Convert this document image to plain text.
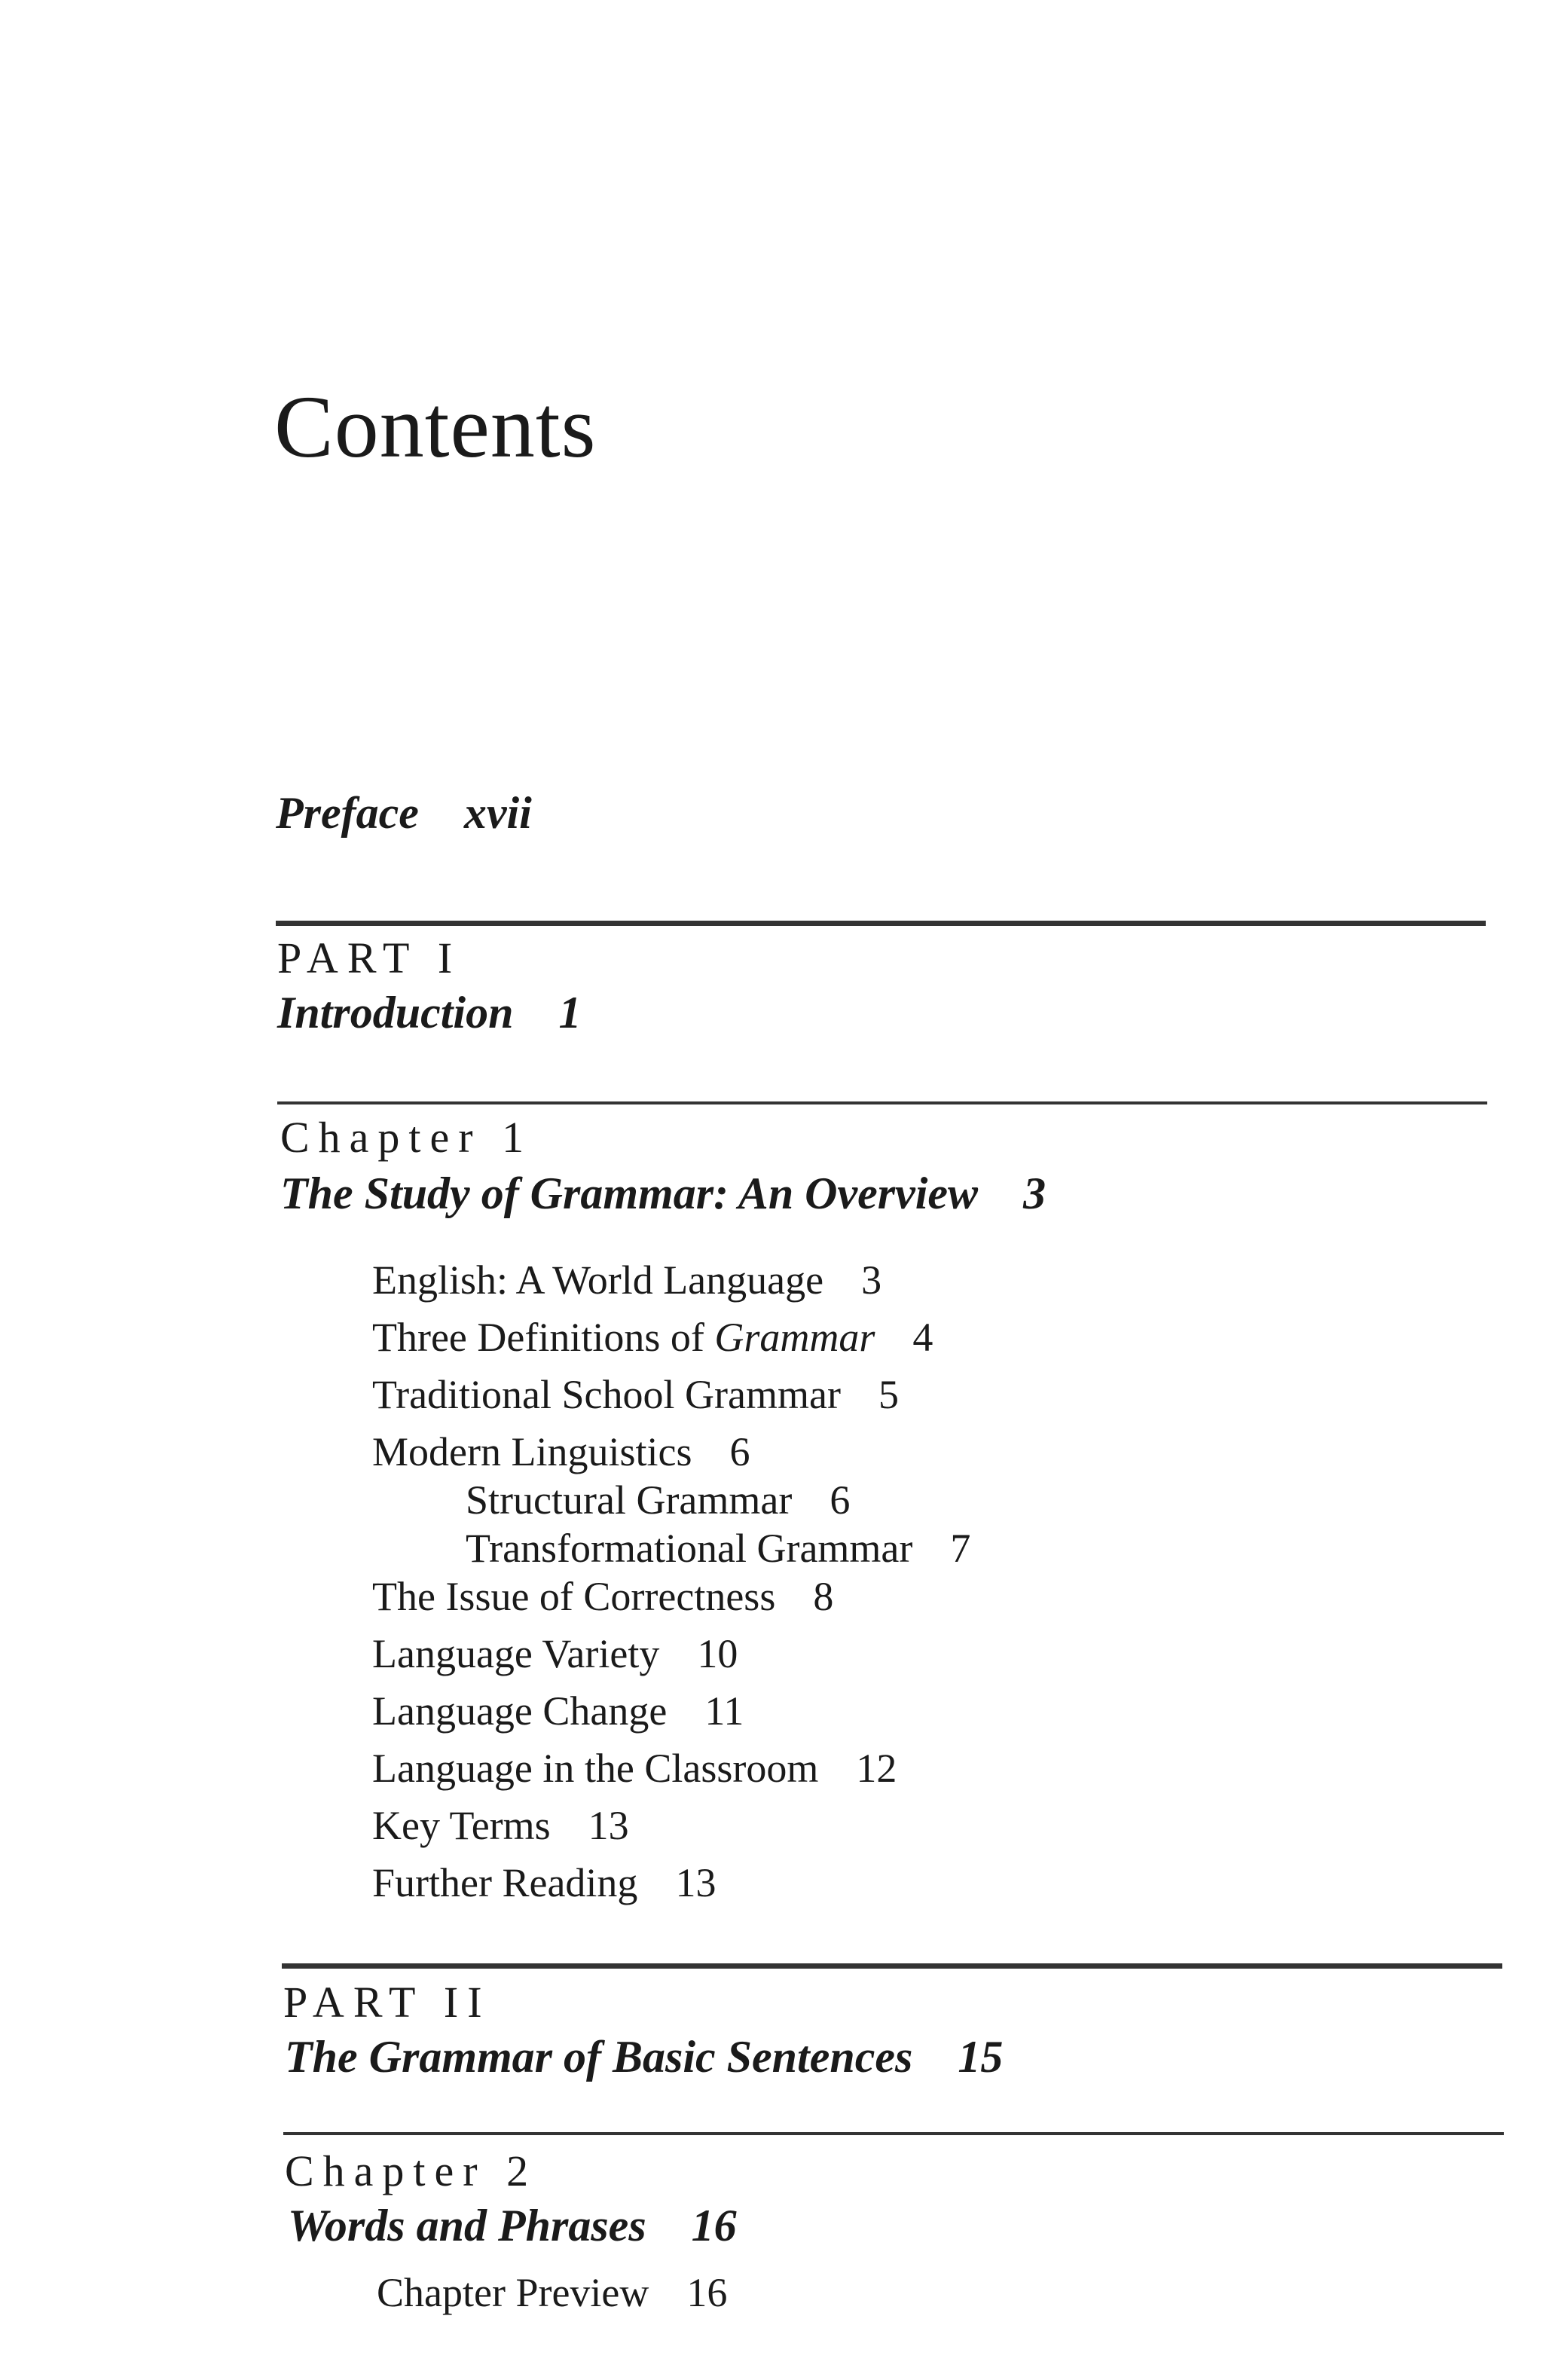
Contents
Preface xvii
PART I
Introduction 1
Chapter 1
The Study of Grammar: An Overview 3
English: A World Language 3
Three Definitions of Grammar 4
Traditional School Grammar 5
Modern Linguistics 6
Structural Grammar 6
Transformational Grammar 7
The Issue of Correctness 8
Language Variety 10
Language Change 11
Language in the Classroom 12
Key Terms 13
Further Reading 13
PART II
The Grammar of Basic Sentences 15
Chapter 2
Words and Phrases 16
Chapter Preview 16
